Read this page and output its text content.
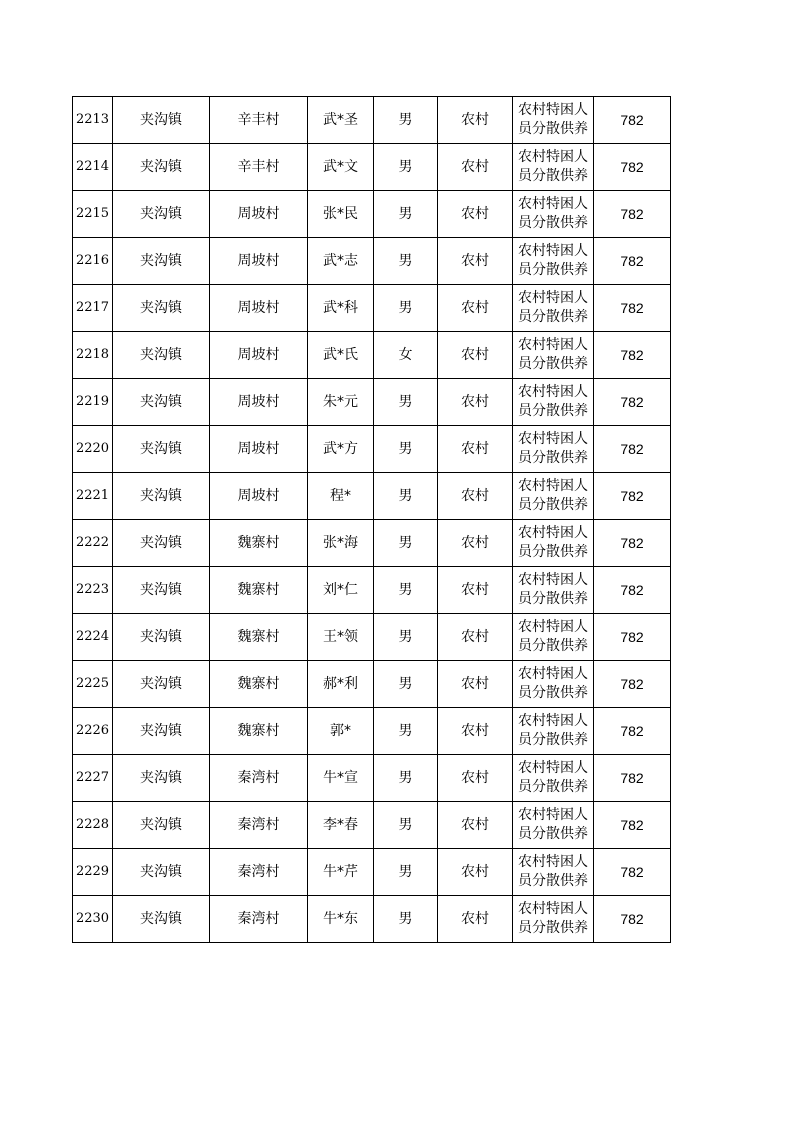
2213	夹沟镇	辛丰村	武*圣	男	农村	农村特困人
员分散供养	782
2214	夹沟镇	辛丰村	武*文	男	农村	农村特困人
员分散供养	782
2215	夹沟镇	周坡村	张*民	男	农村	农村特困人
员分散供养	782
2216	夹沟镇	周坡村	武*志	男	农村	农村特困人
员分散供养	782
2217	夹沟镇	周坡村	武*科	男	农村	农村特困人
员分散供养	782
2218	夹沟镇	周坡村	武*氏	女	农村	农村特困人
员分散供养	782
2219	夹沟镇	周坡村	朱*元	男	农村	农村特困人
员分散供养	782
2220	夹沟镇	周坡村	武*方	男	农村	农村特困人
员分散供养	782
2221	夹沟镇	周坡村	程*	男	农村	农村特困人
员分散供养	782
2222	夹沟镇	魏寨村	张*海	男	农村	农村特困人
员分散供养	782
2223	夹沟镇	魏寨村	刘*仁	男	农村	农村特困人
员分散供养	782
2224	夹沟镇	魏寨村	王*领	男	农村	农村特困人
员分散供养	782
2225	夹沟镇	魏寨村	郝*利	男	农村	农村特困人
员分散供养	782
2226	夹沟镇	魏寨村	郭*	男	农村	农村特困人
员分散供养	782
2227	夹沟镇	秦湾村	牛*宣	男	农村	农村特困人
员分散供养	782
2228	夹沟镇	秦湾村	李*春	男	农村	农村特困人
员分散供养	782
2229	夹沟镇	秦湾村	牛*芹	男	农村	农村特困人
员分散供养	782
2230	夹沟镇	秦湾村	牛*东	男	农村	农村特困人
员分散供养	782
